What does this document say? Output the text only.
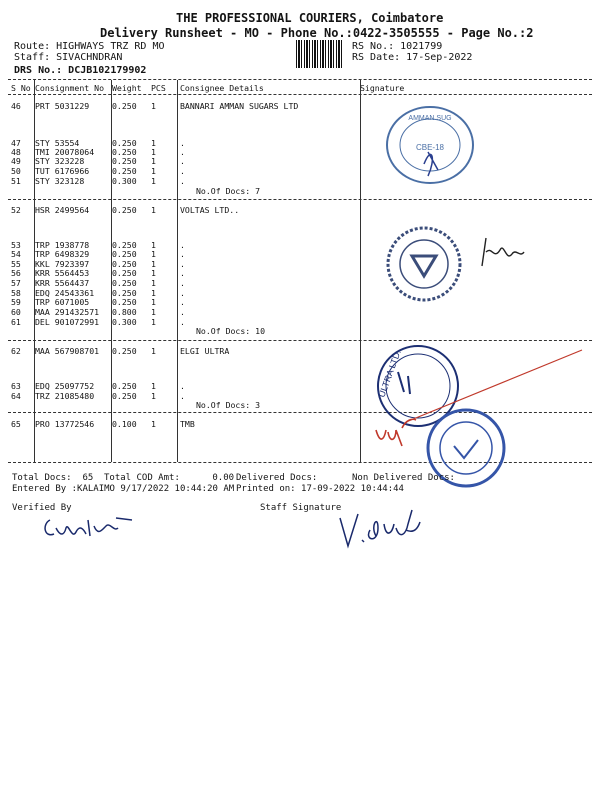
THE PROFESSIONAL COURIERS, Coimbatore
Delivery Runsheet - MO - Phone No.:0422-3505555 - Page No.:2
Route: HIGHWAYS TRZ RD MO
Staff: SIVACHNDRAN
DRS No.: DCJB102179902
RS No.: 1021799
RS Date: 17-Sep-2022
S No Consignment No Weight PCS Consignee Details	Signature
46 PRT 5031229	0.250 1	BANNARI AMMAN SUGARS LTD
47 STY 53554	0.250 1	.
48 TMI 20078064 0.250 1	.
49 STY 323228	0.250 1	.
50 TUT 6176966	0.250 1	.
51 STY 323128	0.300 1	.
No.Of Docs: 7
52 HSR 2499564	0.250 1	VOLTAS LTD..
53 TRP 1938778	0.250 1	.
54 TRP 6498329	0.250 1	.
55 KKL 7923397	0.250 1	.
56 KRR 5564453	0.250 1	.
57 KRR 5564437	0.250 1	.
58 EDQ 24543361 0.250 1	.
59 TRP 6071005	0.250 1	.
60 MAA 291432571 0.800 1	.
61 DEL 901072991 0.300 1	.
No.Of Docs: 10
62 MAA 567908701 0.250 1	ELGI ULTRA
63 EDQ 25097752 0.250 1	.
64 TRZ 21085480 0.250 1	.
No.Of Docs: 3
65 PRO 13772546 0.100 1	TMB
AMMAN SUG
CBE-18
ULTRA LTD.
Total Docs:  65 Total COD Amt:      0.00 Delivered Docs:	Non Delivered Docs:
Entered By :KALAIMO 9/17/2022 10:44:20 AM Printed on: 17-09-2022 10:44:44
Verified By	Staff Signature
